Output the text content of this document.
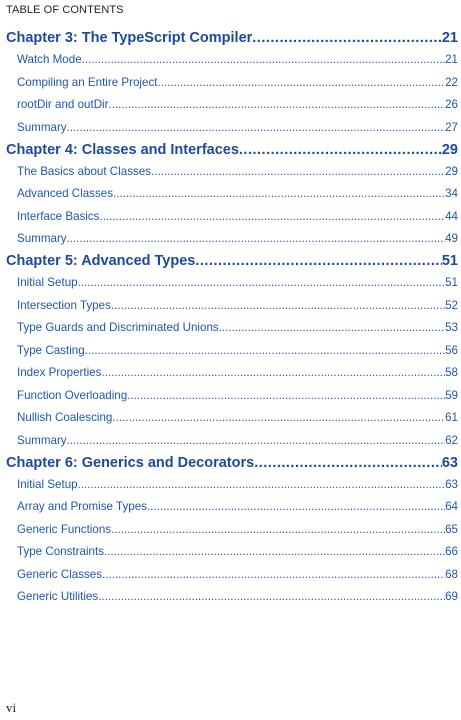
TABLE OF CONTENTS
Chapter 3: The TypeScript Compiler .....	21
Watch Mode .....	21
Compiling an Entire Project .....	22
rootDir and outDir .....	26
Summary .....	27
Chapter 4: Classes and Interfaces .....	29
The Basics about Classes .....	29
Advanced Classes .....	34
Interface Basics .....	44
Summary .....	49
Chapter 5: Advanced Types .....	51
Initial Setup .....	51
Intersection Types .....	52
Type Guards and Discriminated Unions .....	53
Type Casting .....	56
Index Properties .....	58
Function Overloading .....	59
Nullish Coalescing .....	61
Summary .....	62
Chapter 6: Generics and Decorators .....	63
Initial Setup .....	63
Array and Promise Types .....	64
Generic Functions .....	65
Type Constraints .....	66
Generic Classes .....	68
Generic Utilities .....	69
vi
